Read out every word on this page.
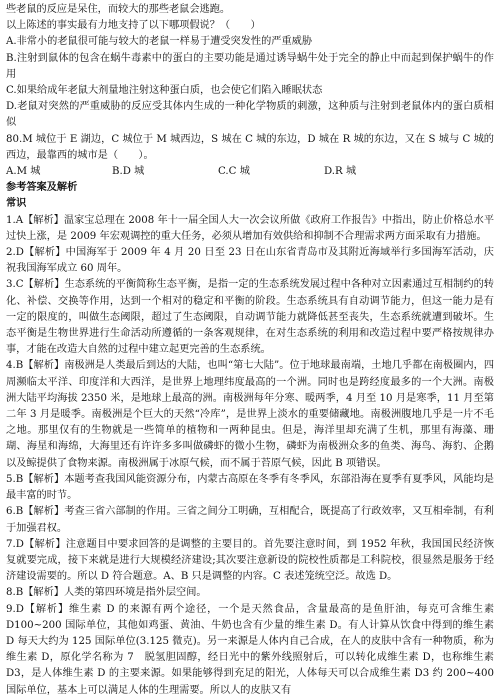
些老鼠的反应是呆住，而较大的那些老鼠会逃跑。

以上陈述的事实最有力地支持了以下哪项假说？（　　）

A.非常小的老鼠很可能与较大的老鼠一样易于遭受突发性的严重威胁

B.注射到鼠体的包含在蜗牛毒素中的蛋白的主要功能是通过诱导蜗牛处于完全的静止中而起到保护蜗牛的作用

C.如果给成年老鼠大剂量地注射这种蛋白质，也会使它们陷入睡眠状态

D.老鼠对突然的严重威胁的反应受其体内生成的一种化学物质的刺激，这种质与注射到老鼠体内的蛋白质相似

80.M 城位于 E 湖边，C 城位于 M 城西边，S 城在 C 城的东边，D 城在 R 城的东边，又在 S 城与 C 城的西边，最靠西的城市是（　　）。

A.M 城	B.D 城	C.C 城	D.R 城

参考答案及解析

常识

1.A【解析】温家宝总理在 2008 年十一届全国人大一次会议所做《政府工作报告》中指出，防止价格总水平过快上涨，是 2009 年宏观调控的重大任务，必须从增加有效供给和抑制不合理需求两方面采取有力措施。

2.D【解析】中国海军于 2009 年 4 月 20 日至 23 日在山东省青岛市及其附近海域举行多国海军活动，庆祝我国海军成立 60 周年。

3.C【解析】生态系统的平衡简称生态平衡，是指一定的生态系统发展过程中各种对立因素通过互相制约的转化、补偿、交换等作用，达到一个相对的稳定和平衡的阶段。生态系统具有自动调节能力，但这一能力是有一定的限度的，叫做生态阈限，超过了生态阈限，自动调节能力就降低甚至丧失，生态系统就遭到破坏。生态平衡是生物世界进行生命活动所遵循的一条客观规律，在对生态系统的利用和改造过程中要严格按规律办事，才能在改造大自然的过程中建立起更完善的生态系统。

4.B【解析】南极洲是人类最后到达的大陆，也叫“第七大陆”。位于地球最南端，土地几乎都在南极圈内，四周濒临太平洋、印度洋和大西洋，是世界上地理纬度最高的一个洲。同时也是跨经度最多的一个大洲。南极洲大陆平均海拔 2350 米，是地球上最高的洲。南极洲每年分寒、暖两季，4 月至 10 月是寒季，11 月至第二年 3 月是暖季。南极洲是个巨大的天然“冷库”，是世界上淡水的重要储藏地。南极洲腹地几乎是一片不毛之地。那里仅有的生物就是一些简单的植物和一两种昆虫。但是，海洋里却充满了生机，那里有海藻、珊瑚、海星和海绵，大海里还有许许多多叫做磷虾的微小生物，磷虾为南极洲众多的鱼类、海鸟、海豹、企鹅以及鲸提供了食物来源。南极洲属于冰原气候，而不属于苔原气候，因此 B 项错误。

5.B【解析】本题考查我国风能资源分布，内蒙古高原在冬季有冬季风，东部沿海在夏季有夏季风，风能均是最丰富的时节。

6.B【解析】考查三省六部制的作用。三省之间分工明确，互相配合，既提高了行政效率，又互相牵制，有利于加强君权。

7.D【解析】注意题目中要求回答的是调整的主要目的。首先要注意时间，到 1952 年秋，我国国民经济恢复就要完成，接下来就是进行大规模经济建设;其次要注意新设的院校性质都是工科院校，很显然是服务于经济建设需要的。所以 D 符合题意。A、B 只是调整的内容。C 表述笼统空泛。故选 D。

8.B【解析】人类的第四环境是指外层空间。

9.D【解析】维生素 D 的来源有两个途径，一个是天然食品，含量最高的是鱼肝油，每克可含维生素 D100~200 国际单位，其他如鸡蛋、黄油、牛奶也含有少量的维生素 D。有人计算从饮食中得到的维生素 D 每天大约为 125 国际单位(3.125 微克)。另一来源是人体内自己合成，在人的皮肤中含有一种物质，称为维生素 D，原化学名称为 7　脱氢胆固醇，经日光中的紫外线照射后，可以转化成维生素 D，也称维生素 D3，是人体维生素 D 的主要来源。如果能够得到充足的阳光，人体每天可以合成维生素 D3 约 200~400 国际单位，基本上可以满足人体的生理需要。所以人的皮肤又有
